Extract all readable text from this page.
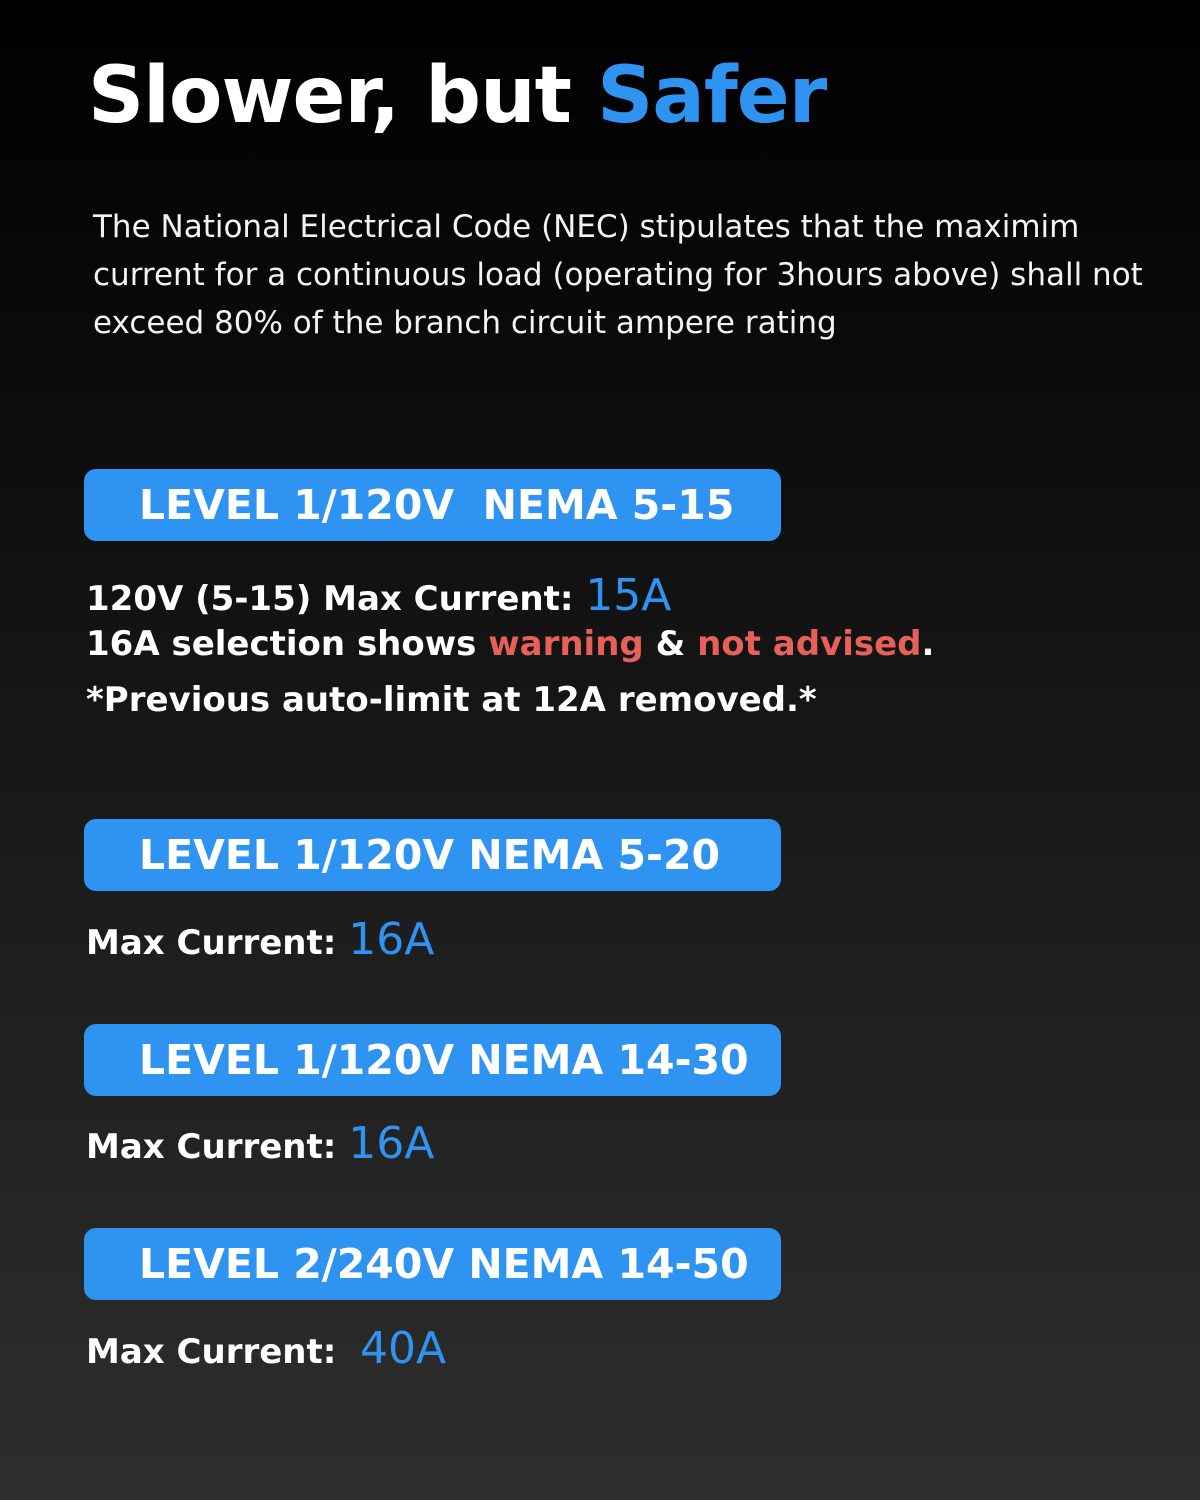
Slower, but Safer

The National Electrical Code (NEC) stipulates that the maximim current for a continuous load (operating for 3hours above) shall not exceed 80% of the branch circuit ampere rating

LEVEL 1/120V  NEMA 5-15

120V (5-15) Max Current: 15A

16A selection shows warning & not advised.

*Previous auto-limit at 12A removed.*

LEVEL 1/120V NEMA 5-20

Max Current: 16A

LEVEL 1/120V NEMA 14-30

Max Current: 16A

LEVEL 2/240V NEMA 14-50

Max Current:  40A
